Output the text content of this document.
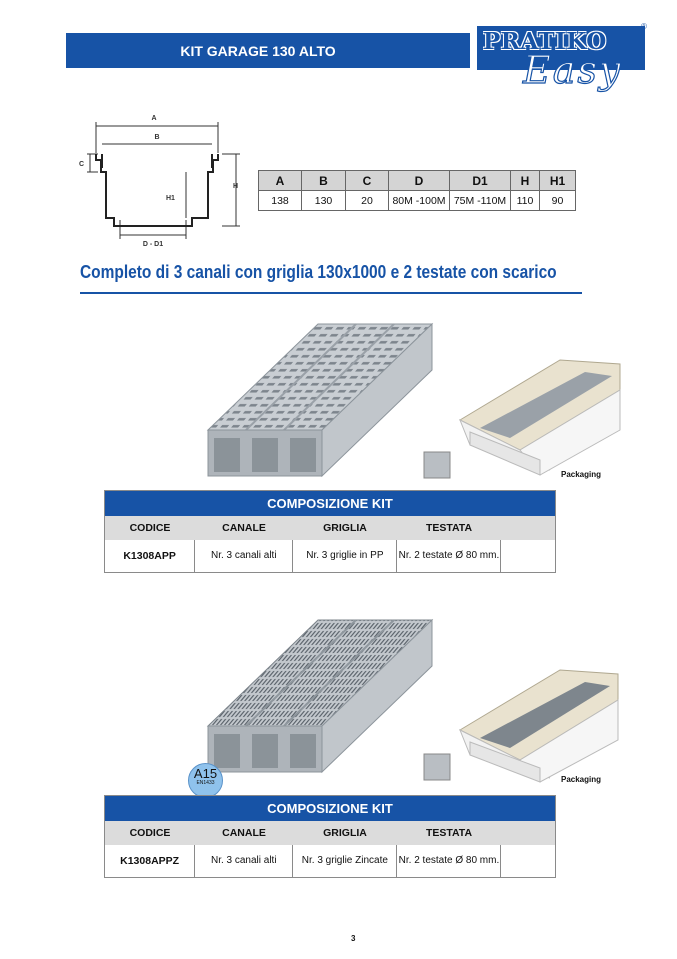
KIT GARAGE 130 ALTO	PRATIKO
Easy
®
A
B
C
H
H1
D - D1
A	B	C	D	D1	H	H1
138	130	20	80M -100M	75M -110M	110	90
Completo di 3 canali con griglia 130x1000 e 2 testate con scarico
Packaging
COMPOSIZIONE KIT
CODICE	CANALE	GRIGLIA	TESTATA
K1308APP	Nr. 3 canali alti	Nr. 3 griglie in PP	Nr. 2 testate Ø 80 mm.
A15
EN1433	Packaging
COMPOSIZIONE KIT
CODICE	CANALE	GRIGLIA	TESTATA
K1308APPZ	Nr. 3 canali alti	Nr. 3 griglie Zincate	Nr. 2 testate Ø 80 mm.
3
